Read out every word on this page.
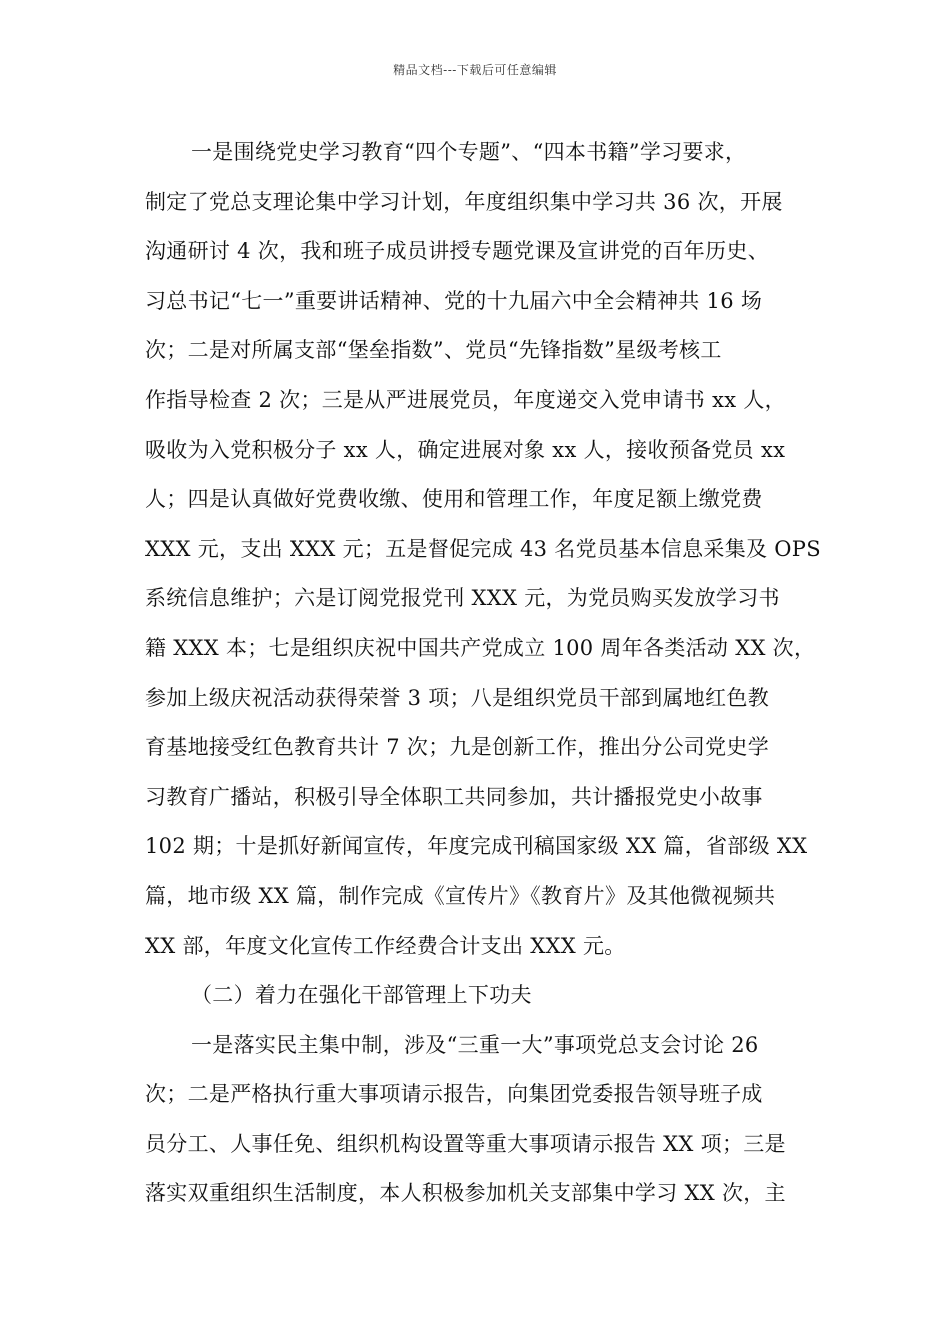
精品文档---下载后可任意编辑
一是围绕党史学习教育“四个专题”、“四本书籍”学习要求，
制定了党总支理论集中学习计划，年度组织集中学习共 36 次，开展
沟通研讨 4 次，我和班子成员讲授专题党课及宣讲党的百年历史、
习总书记“七一”重要讲话精神、党的十九届六中全会精神共 16 场
次；二是对所属支部“堡垒指数”、党员“先锋指数”星级考核工
作指导检查 2 次；三是从严进展党员，年度递交入党申请书 xx 人，
吸收为入党积极分子 xx 人，确定进展对象 xx 人，接收预备党员 xx
人；四是认真做好党费收缴、使用和管理工作，年度足额上缴党费
XXX 元，支出 XXX 元；五是督促完成 43 名党员基本信息采集及 OPS
系统信息维护；六是订阅党报党刊 XXX 元，为党员购买发放学习书
籍 XXX 本；七是组织庆祝中国共产党成立 100 周年各类活动 XX 次，
参加上级庆祝活动获得荣誉 3 项；八是组织党员干部到属地红色教
育基地接受红色教育共计 7 次；九是创新工作，推出分公司党史学
习教育广播站，积极引导全体职工共同参加，共计播报党史小故事
102 期；十是抓好新闻宣传，年度完成刊稿国家级 XX 篇，省部级 XX
篇，地市级 XX 篇，制作完成《宣传片》《教育片》及其他微视频共
XX 部，年度文化宣传工作经费合计支出 XXX 元。
（二）着力在强化干部管理上下功夫
一是落实民主集中制，涉及“三重一大”事项党总支会讨论 26
次；二是严格执行重大事项请示报告，向集团党委报告领导班子成
员分工、人事任免、组织机构设置等重大事项请示报告 XX 项；三是
落实双重组织生活制度，本人积极参加机关支部集中学习 XX 次，主
